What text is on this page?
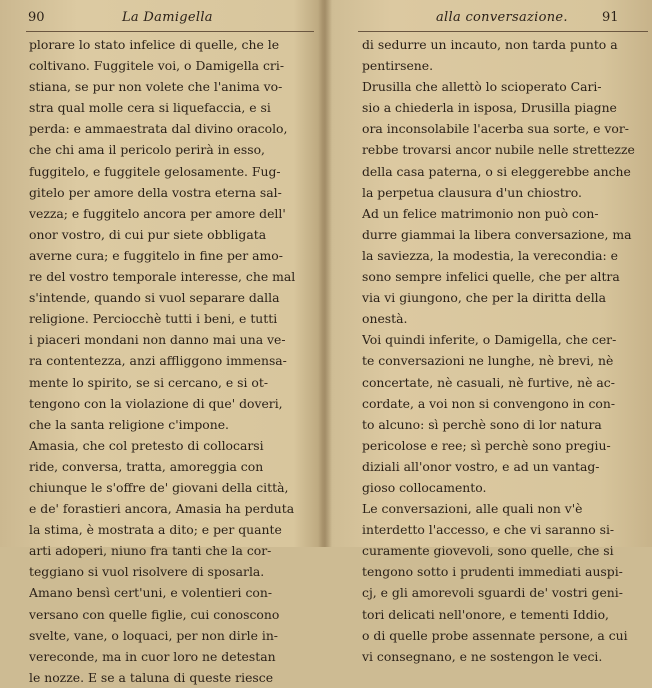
90	La Damigella
plorare lo stato infelice di quelle, che le
coltivano. Fuggitele voi, o Damigella cri-
stiana, se pur non volete che l'anima vo-
stra qual molle cera si liquefaccia, e si
perda: e ammaestrata dal divino oracolo,
che chi ama il pericolo perirà in esso,
fuggitelo, e fuggitele gelosamente. Fug-
gitelo per amore della vostra eterna sal-
vezza; e fuggitelo ancora per amore dell'
onor vostro, di cui pur siete obbligata
averne cura; e fuggitelo in fine per amo-
re del vostro temporale interesse, che mal
s'intende, quando si vuol separare dalla
religione. Perciocchè tutti i beni, e tutti
i piaceri mondani non danno mai una ve-
ra contentezza, anzi affliggono immensa-
mente lo spirito, se si cercano, e si ot-
tengono con la violazione di que' doveri,
che la santa religione c'impone.
Amasia, che col pretesto di collocarsi
ride, conversa, tratta, amoreggia con
chiunque le s'offre de' giovani della città,
e de' forastieri ancora, Amasia ha perduta
la stima, è mostrata a dito; e per quante
arti adoperi, niuno fra tanti che la cor-
teggiano si vuol risolvere di sposarla.
Amano bensì cert'uni, e volentieri con-
versano con quelle figlie, cui conoscono
svelte, vane, o loquaci, per non dirle in-
vereconde, ma in cuor loro ne detestan
le nozze. E se a taluna di queste riesce
alla conversazione.	91
di sedurre un incauto, non tarda punto a
pentirsene.
Drusilla che allettò lo scioperato Cari-
sio a chiederla in isposa, Drusilla piagne
ora inconsolabile l'acerba sua sorte, e vor-
rebbe trovarsi ancor nubile nelle strettezze
della casa paterna, o si eleggerebbe anche
la perpetua clausura d'un chiostro.
Ad un felice matrimonio non può con-
durre giammai la libera conversazione, ma
la saviezza, la modestia, la verecondia: e
sono sempre infelici quelle, che per altra
via vi giungono, che per la diritta della
onestà.
Voi quindi inferite, o Damigella, che cer-
te conversazioni ne lunghe, nè brevi, nè
concertate, nè casuali, nè furtive, nè ac-
cordate, a voi non si convengono in con-
to alcuno: sì perchè sono di lor natura
pericolose e ree; sì perchè sono pregiu-
diziali all'onor vostro, e ad un vantag-
gioso collocamento.
Le conversazioni, alle quali non v'è
interdetto l'accesso, e che vi saranno si-
curamente giovevoli, sono quelle, che si
tengono sotto i prudenti immediati auspi-
cj, e gli amorevoli sguardi de' vostri geni-
tori delicati nell'onore, e tementi Iddio,
o di quelle probe assennate persone, a cui
vi consegnano, e ne sostengon le veci.
